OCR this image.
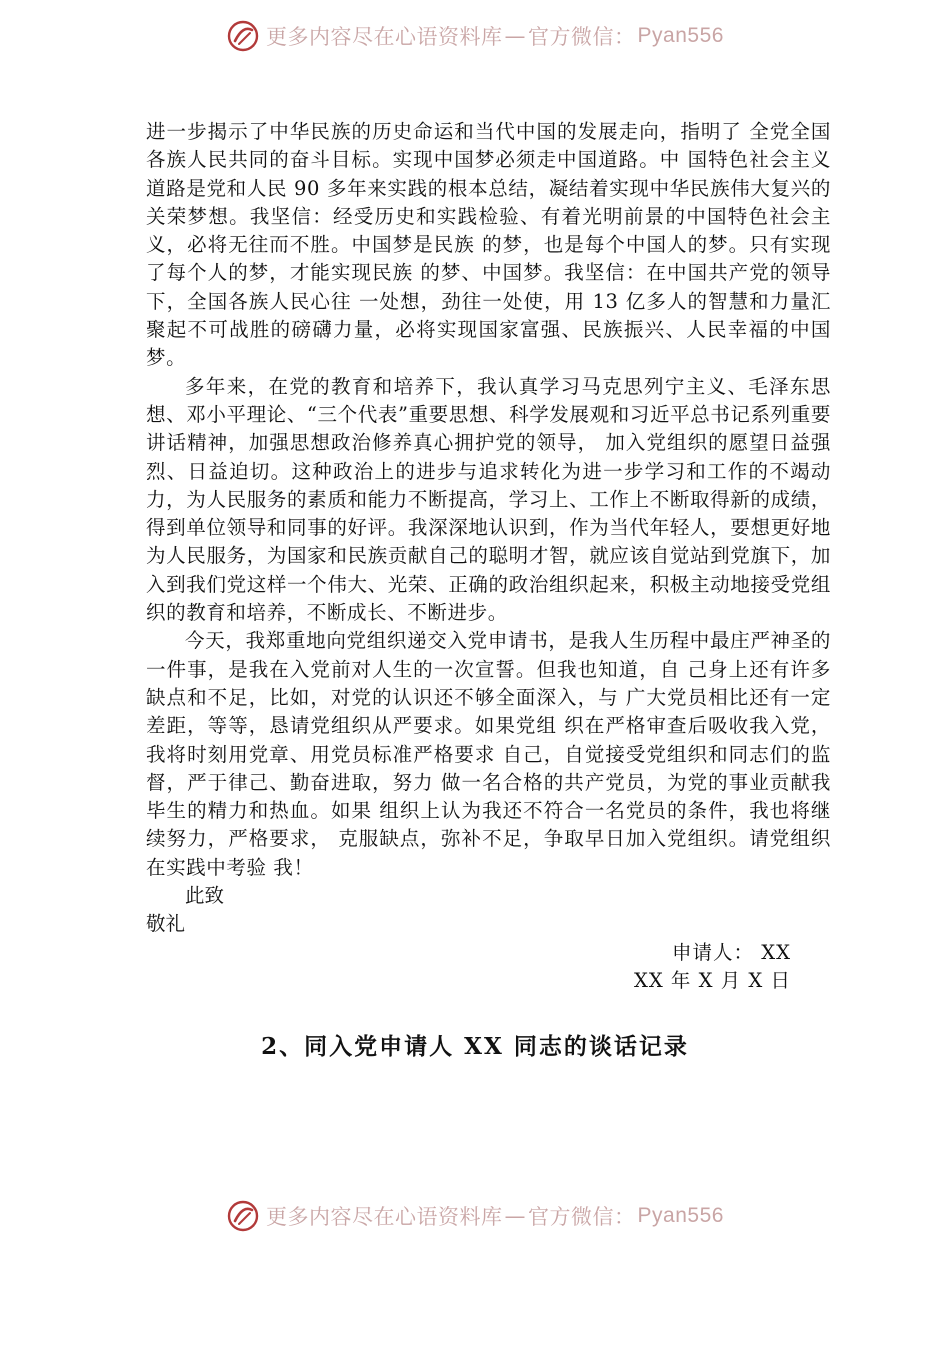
更多内容尽在心语资料库 — 官方微信： Pyan556

进一步揭示了中华民族的历史命运和当代中国的发展走向，指明了 全党全国各族人民共同的奋斗目标。实现中国梦必须走中国道路。中 国特色社会主义道路是党和人民 90 多年来实践的根本总结，凝结着实现中华民族伟大复兴的关荣梦想。我坚信：经受历史和实践检验、有着光明前景的中国特色社会主义，必将无往而不胜。中国梦是民族 的梦，也是每个中国人的梦。只有实现了每个人的梦，才能实现民族 的梦、中国梦。我坚信：在中国共产党的领导下，全国各族人民心往 一处想，劲往一处使，用 13 亿多人的智慧和力量汇聚起不可战胜的磅礴力量，必将实现国家富强、民族振兴、人民幸福的中国梦。

多年来，在党的教育和培养下，我认真学习马克思列宁主义、毛泽东思想、邓小平理论、“三个代表”重要思想、科学发展观和习近平总书记系列重要讲话精神，加强思想政治修养真心拥护党的领导， 加入党组织的愿望日益强烈、日益迫切。这种政治上的进步与追求转化为进一步学习和工作的不竭动力，为人民服务的素质和能力不断提高，学习上、工作上不断取得新的成绩，得到单位领导和同事的好评。我深深地认识到，作为当代年轻人，要想更好地为人民服务，为国家和民族贡献自己的聪明才智，就应该自觉站到党旗下，加入到我们党这样一个伟大、光荣、正确的政治组织起来，积极主动地接受党组织的教育和培养，不断成长、不断进步。

今天，我郑重地向党组织递交入党申请书，是我人生历程中最庄严神圣的一件事，是我在入党前对人生的一次宣誓。但我也知道，自 己身上还有许多缺点和不足，比如，对党的认识还不够全面深入，与 广大党员相比还有一定差距，等等，恳请党组织从严要求。如果党组 织在严格审查后吸收我入党，我将时刻用党章、用党员标准严格要求 自己，自觉接受党组织和同志们的监督，严于律己、勤奋进取，努力 做一名合格的共产党员，为党的事业贡献我毕生的精力和热血。如果 组织上认为我还不符合一名党员的条件，我也将继续努力，严格要求， 克服缺点，弥补不足，争取早日加入党组织。请党组织在实践中考验 我！

此致

敬礼

申请人： XX
XX 年 X 月 X 日
2、同入党申请人 XX 同志的谈话记录
更多内容尽在心语资料库 — 官方微信： Pyan556
